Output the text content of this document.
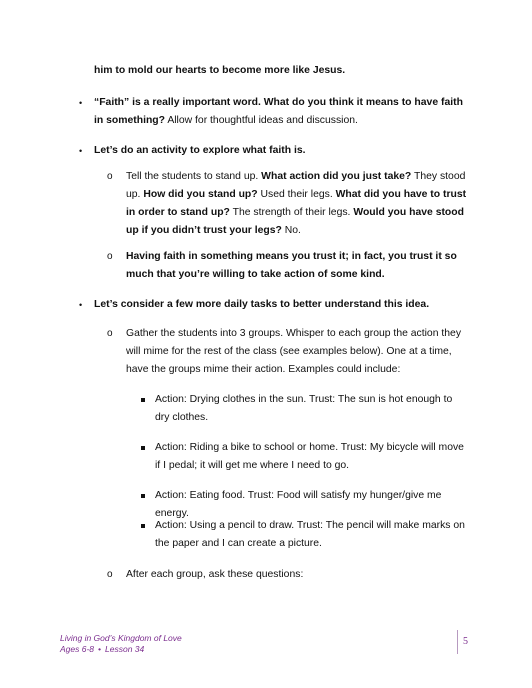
him to mold our hearts to become more like Jesus.

• “Faith” is a really important word. What do you think it means to have faith in something? Allow for thoughtful ideas and discussion.

• Let’s do an activity to explore what faith is.

o Tell the students to stand up. What action did you just take? They stood up. How did you stand up? Used their legs. What did you have to trust in order to stand up? The strength of their legs. Would you have stood up if you didn’t trust your legs? No.

o Having faith in something means you trust it; in fact, you trust it so much that you’re willing to take action of some kind.

• Let’s consider a few more daily tasks to better understand this idea.

o Gather the students into 3 groups. Whisper to each group the action they will mime for the rest of the class (see examples below). One at a time, have the groups mime their action. Examples could include:

Action: Drying clothes in the sun. Trust: The sun is hot enough to dry clothes.

Action: Riding a bike to school or home. Trust: My bicycle will move if I pedal; it will get me where I need to go.

Action: Eating food. Trust: Food will satisfy my hunger/give me energy.

Action: Using a pencil to draw. Trust: The pencil will make marks on the paper and I can create a picture.

o After each group, ask these questions:

Living in God’s Kingdom of Love
Ages 6-8 • Lesson 34
5
